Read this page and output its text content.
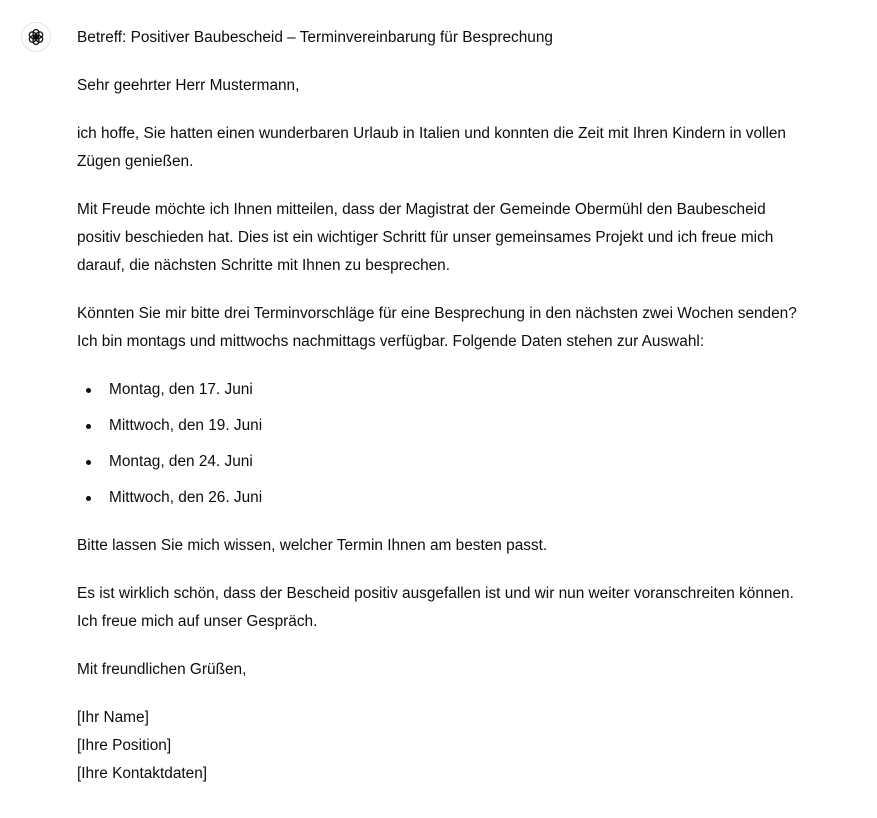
Betreff: Positiver Baubescheid – Terminvereinbarung für Besprechung

Sehr geehrter Herr Mustermann,

ich hoffe, Sie hatten einen wunderbaren Urlaub in Italien und konnten die Zeit mit Ihren Kindern in vollen Zügen genießen.

Mit Freude möchte ich Ihnen mitteilen, dass der Magistrat der Gemeinde Obermühl den Baubescheid positiv beschieden hat. Dies ist ein wichtiger Schritt für unser gemeinsames Projekt und ich freue mich darauf, die nächsten Schritte mit Ihnen zu besprechen.

Könnten Sie mir bitte drei Terminvorschläge für eine Besprechung in den nächsten zwei Wochen senden? Ich bin montags und mittwochs nachmittags verfügbar. Folgende Daten stehen zur Auswahl:

Montag, den 17. Juni
Mittwoch, den 19. Juni
Montag, den 24. Juni
Mittwoch, den 26. Juni

Bitte lassen Sie mich wissen, welcher Termin Ihnen am besten passt.

Es ist wirklich schön, dass der Bescheid positiv ausgefallen ist und wir nun weiter voranschreiten können. Ich freue mich auf unser Gespräch.

Mit freundlichen Grüßen,

[Ihr Name]
[Ihre Position]
[Ihre Kontaktdaten]
